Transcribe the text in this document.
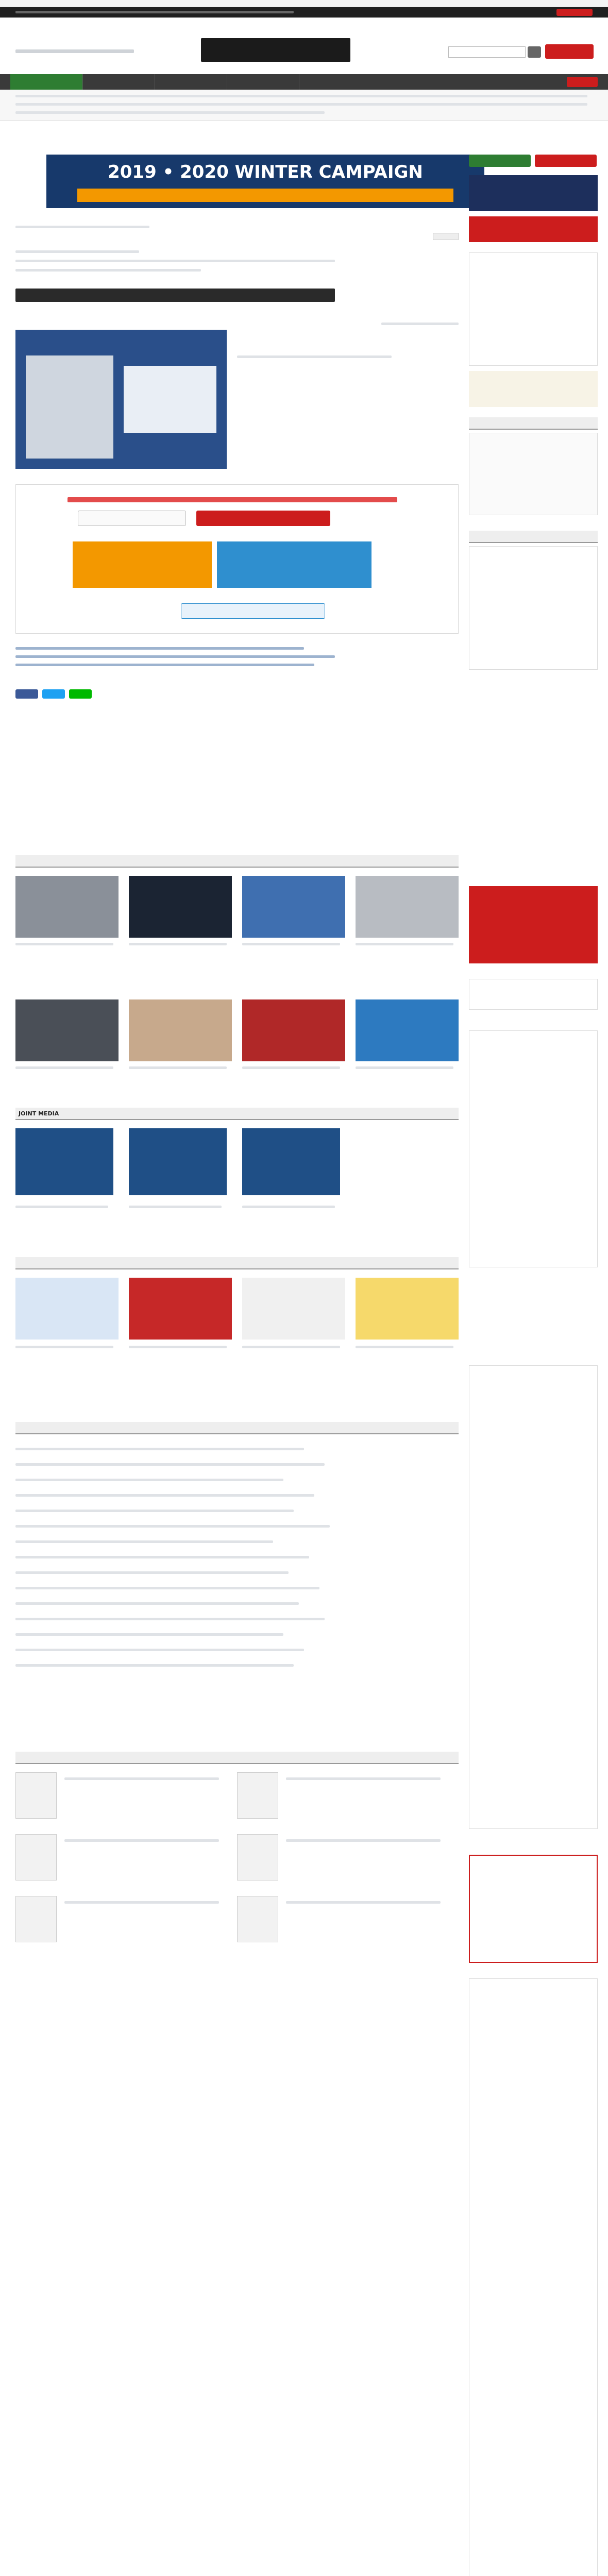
2019 • 2020 WINTER CAMPAIGN
JOINT MEDIA
